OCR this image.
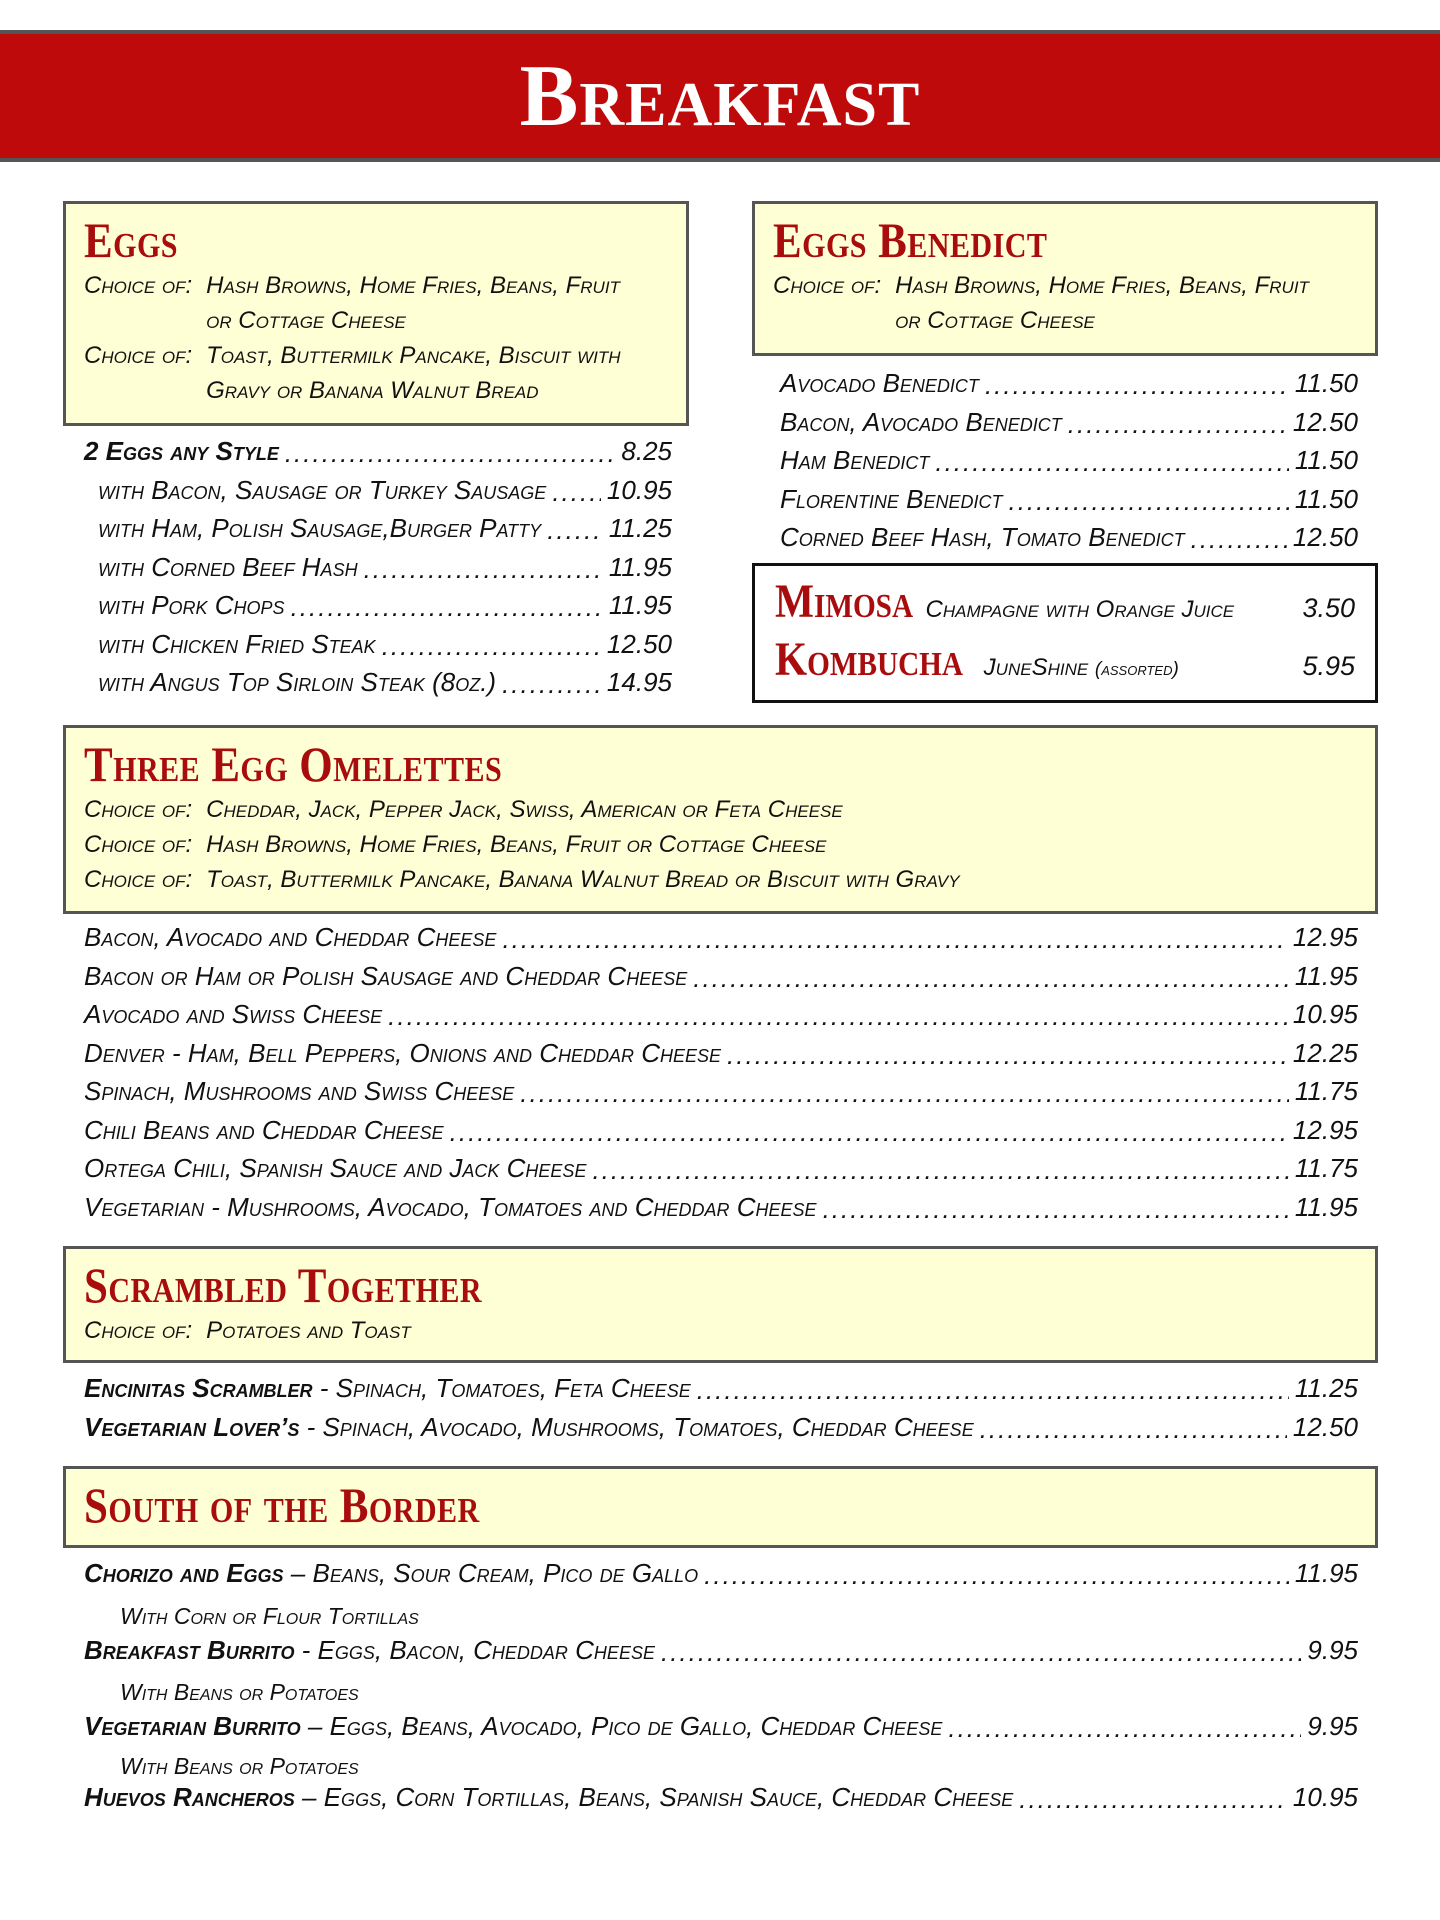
Breakfast
Eggs
Choice of: Hash Browns, Home Fries, Beans, Fruit or Cottage Cheese
Choice of: Toast, Buttermilk Pancake, Biscuit with Gravy or Banana Walnut Bread
2 Eggs any Style .....	8.25
with Bacon, Sausage or Turkey Sausage ..... 10.95
with Ham, Polish Sausage,Burger Patty .....	11.25
with Corned Beef Hash .....	11.95
with Pork Chops .....	11.95
with Chicken Fried Steak .....	12.50
with Angus Top Sirloin Steak (8oz.) .....	14.95
Eggs Benedict
Choice of: Hash Browns, Home Fries, Beans, Fruit or Cottage Cheese
Avocado Benedict .....	11.50
Bacon, Avocado Benedict .....	12.50
Ham Benedict .....	11.50
Florentine Benedict .....	11.50
Corned Beef Hash, Tomato Benedict .....	12.50
Mimosa Champagne with Orange Juice	3.50
Kombucha JuneShine (assorted)	5.95
Three Egg Omelettes
Choice of: Cheddar, Jack, Pepper Jack, Swiss, American or Feta Cheese
Choice of: Hash Browns, Home Fries, Beans, Fruit or Cottage Cheese
Choice of: Toast, Buttermilk Pancake, Banana Walnut Bread or Biscuit with Gravy
Bacon, Avocado and Cheddar Cheese .....	12.95
Bacon or Ham or Polish Sausage and Cheddar Cheese .....	11.95
Avocado and Swiss Cheese .....	10.95
Denver - Ham, Bell Peppers, Onions and Cheddar Cheese .....	12.25
Spinach, Mushrooms and Swiss Cheese .....	11.75
Chili Beans and Cheddar Cheese .....	12.95
Ortega Chili, Spanish Sauce and Jack Cheese .....	11.75
Vegetarian - Mushrooms, Avocado, Tomatoes and Cheddar Cheese .....	11.95
Scrambled Together
Choice of: Potatoes and Toast
Encinitas Scrambler - Spinach, Tomatoes, Feta Cheese .....	11.25
Vegetarian Lover’s - Spinach, Avocado, Mushrooms, Tomatoes, Cheddar Cheese .....	12.50
South of the Border
Chorizo and Eggs – Beans, Sour Cream, Pico de Gallo .....	11.95
With Corn or Flour Tortillas
Breakfast Burrito - Eggs, Bacon, Cheddar Cheese .....	9.95
With Beans or Potatoes
Vegetarian Burrito – Eggs, Beans, Avocado, Pico de Gallo, Cheddar Cheese .....	9.95
With Beans or Potatoes
Huevos Rancheros – Eggs, Corn Tortillas, Beans, Spanish Sauce, Cheddar Cheese .....	10.95
